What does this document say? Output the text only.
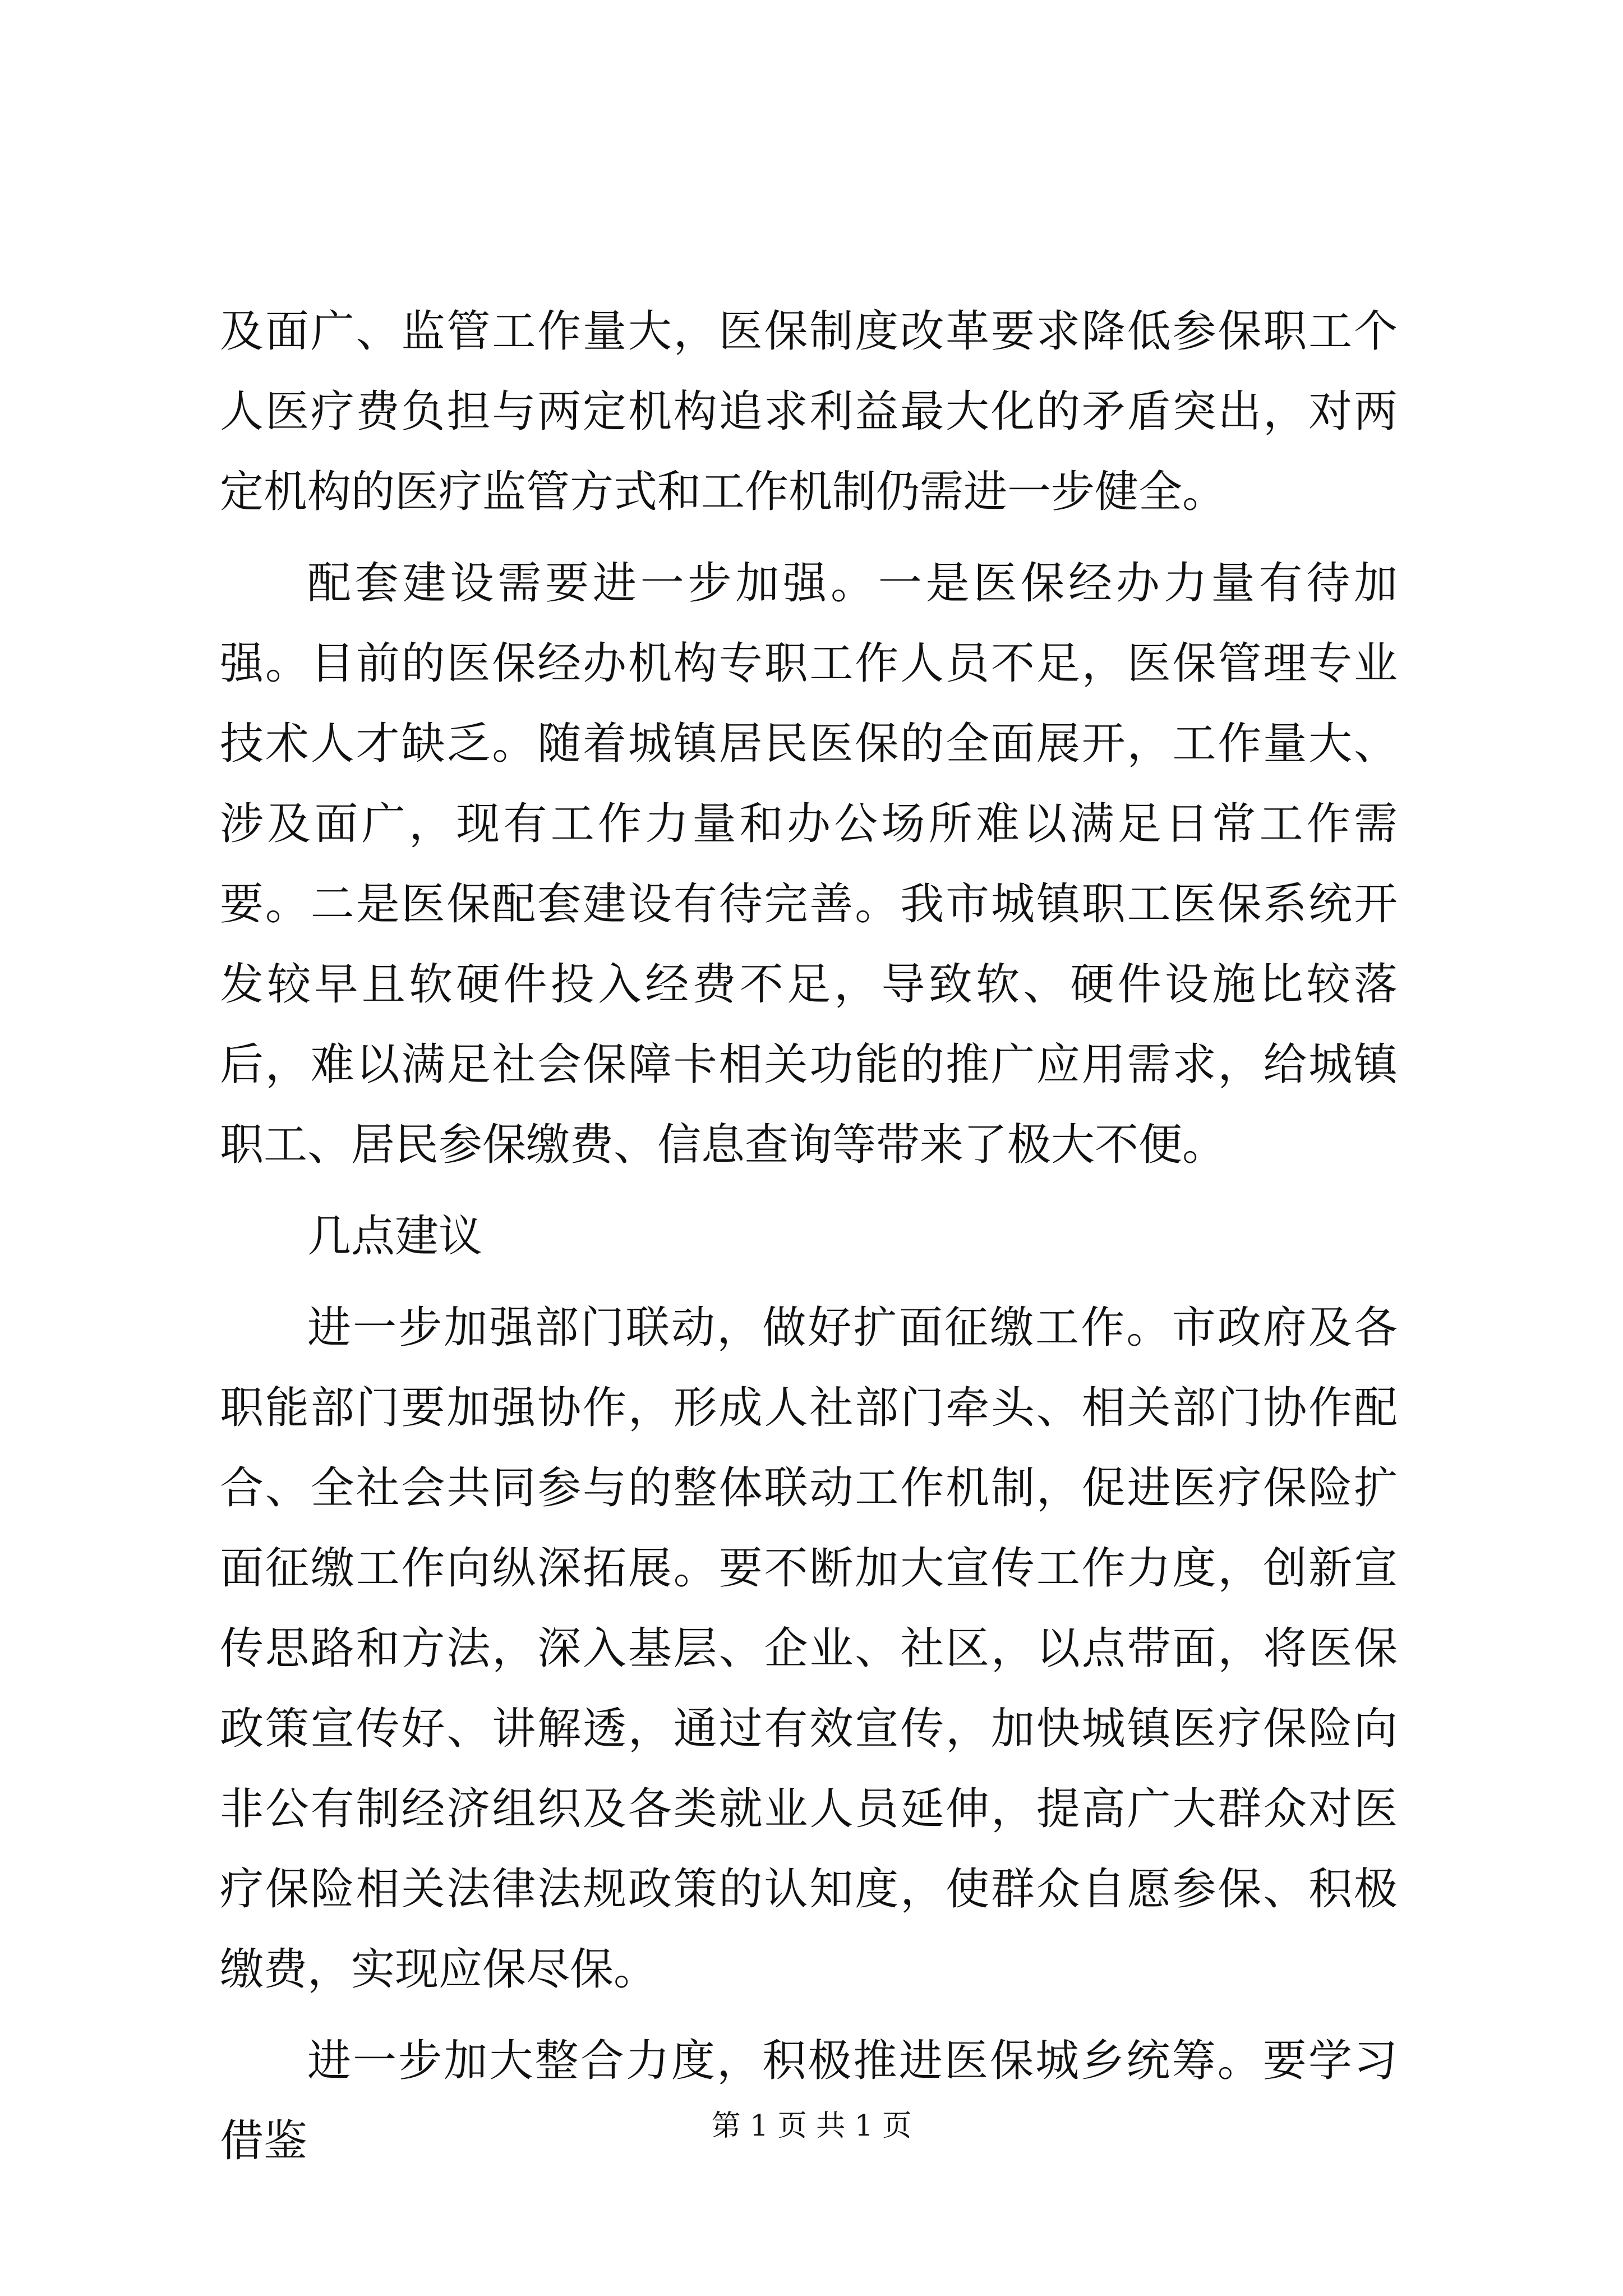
及面广、监管工作量大，医保制度改革要求降低参保职工个人医疗费负担与两定机构追求利益最大化的矛盾突出，对两定机构的医疗监管方式和工作机制仍需进一步健全。

配套建设需要进一步加强。一是医保经办力量有待加强。目前的医保经办机构专职工作人员不足，医保管理专业技术人才缺乏。随着城镇居民医保的全面展开，工作量大、涉及面广，现有工作力量和办公场所难以满足日常工作需要。二是医保配套建设有待完善。我市城镇职工医保系统开发较早且软硬件投入经费不足，导致软、硬件设施比较落后，难以满足社会保障卡相关功能的推广应用需求，给城镇职工、居民参保缴费、信息查询等带来了极大不便。

几点建议

进一步加强部门联动，做好扩面征缴工作。市政府及各职能部门要加强协作，形成人社部门牵头、相关部门协作配合、全社会共同参与的整体联动工作机制，促进医疗保险扩面征缴工作向纵深拓展。要不断加大宣传工作力度，创新宣传思路和方法，深入基层、企业、社区，以点带面，将医保政策宣传好、讲解透，通过有效宣传，加快城镇医疗保险向非公有制经济组织及各类就业人员延伸，提高广大群众对医疗保险相关法律法规政策的认知度，使群众自愿参保、积极缴费，实现应保尽保。

进一步加大整合力度，积极推进医保城乡统筹。要学习借鉴	第 1 页 共 1 页
